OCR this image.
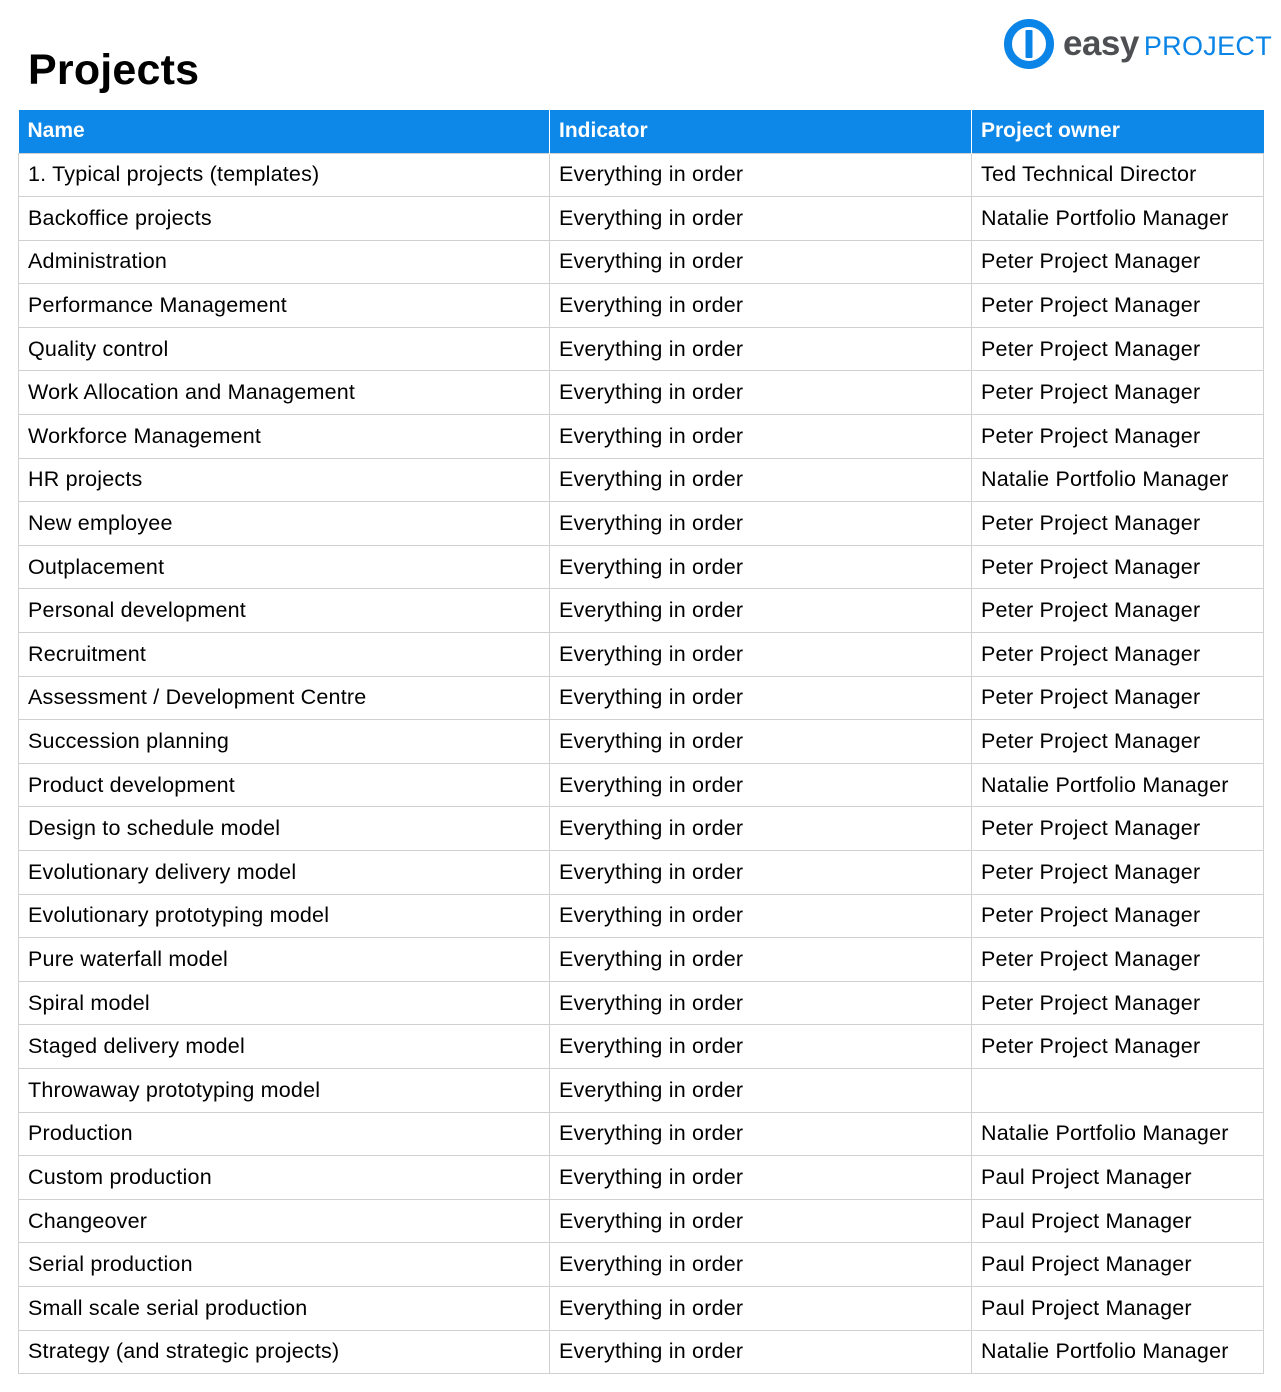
Projects
easy PROJECT
Name	Indicator	Project owner
1. Typical projects (templates)	Everything in order	Ted Technical Director
Backoffice projects	Everything in order	Natalie Portfolio Manager
Administration	Everything in order	Peter Project Manager
Performance Management	Everything in order	Peter Project Manager
Quality control	Everything in order	Peter Project Manager
Work Allocation and Management	Everything in order	Peter Project Manager
Workforce Management	Everything in order	Peter Project Manager
HR projects	Everything in order	Natalie Portfolio Manager
New employee	Everything in order	Peter Project Manager
Outplacement	Everything in order	Peter Project Manager
Personal development	Everything in order	Peter Project Manager
Recruitment	Everything in order	Peter Project Manager
Assessment / Development Centre	Everything in order	Peter Project Manager
Succession planning	Everything in order	Peter Project Manager
Product development	Everything in order	Natalie Portfolio Manager
Design to schedule model	Everything in order	Peter Project Manager
Evolutionary delivery model	Everything in order	Peter Project Manager
Evolutionary prototyping model	Everything in order	Peter Project Manager
Pure waterfall model	Everything in order	Peter Project Manager
Spiral model	Everything in order	Peter Project Manager
Staged delivery model	Everything in order	Peter Project Manager
Throwaway prototyping model	Everything in order	
Production	Everything in order	Natalie Portfolio Manager
Custom production	Everything in order	Paul Project Manager
Changeover	Everything in order	Paul Project Manager
Serial production	Everything in order	Paul Project Manager
Small scale serial production	Everything in order	Paul Project Manager
Strategy (and strategic projects)	Everything in order	Natalie Portfolio Manager
